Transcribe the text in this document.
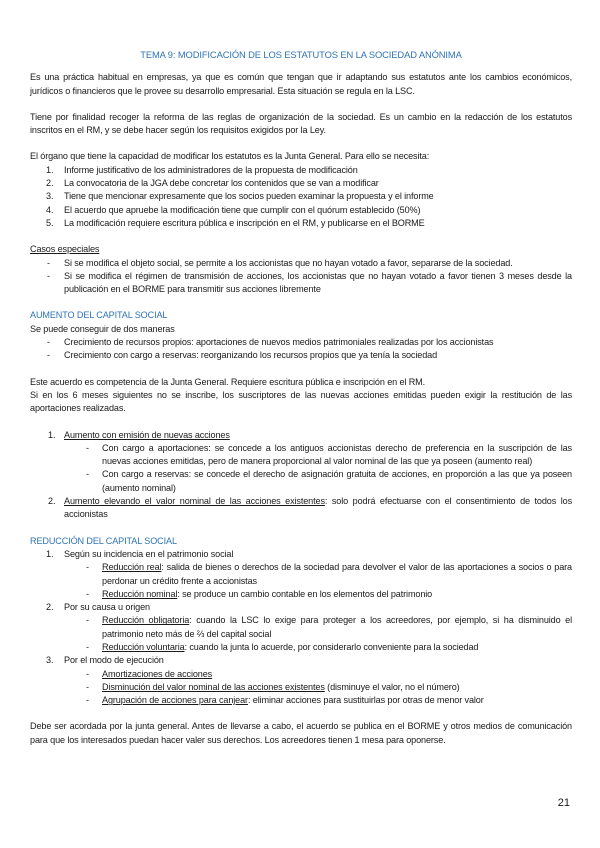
TEMA 9: MODIFICACIÓN DE LOS ESTATUTOS EN LA SOCIEDAD ANÓNIMA

Es una práctica habitual en empresas, ya que es común que tengan que ir adaptando sus estatutos ante los cambios económicos, jurídicos o financieros que le provee su desarrollo empresarial. Esta situación se regula en la LSC.

Tiene por finalidad recoger la reforma de las reglas de organización de la sociedad. Es un cambio en la redacción de los estatutos inscritos en el RM, y se debe hacer según los requisitos exigidos por la Ley.

El órgano que tiene la capacidad de modificar los estatutos es la Junta General. Para ello se necesita:

1. Informe justificativo de los administradores de la propuesta de modificación
2. La convocatoria de la JGA debe concretar los contenidos que se van a modificar
3. Tiene que mencionar expresamente que los socios pueden examinar la propuesta y el informe
4. El acuerdo que apruebe la modificación tiene que cumplir con el quórum establecido (50%)
5. La modificación requiere escritura pública e inscripción en el RM, y publicarse en el BORME

Casos especiales

- Si se modifica el objeto social, se permite a los accionistas que no hayan votado a favor, separarse de la sociedad.
- Si se modifica el régimen de transmisión de acciones, los accionistas que no hayan votado a favor tienen 3 meses desde la publicación en el BORME para transmitir sus acciones libremente
AUMENTO DEL CAPITAL SOCIAL

Se puede conseguir de dos maneras

- Crecimiento de recursos propios: aportaciones de nuevos medios patrimoniales realizadas por los accionistas
- Crecimiento con cargo a reservas: reorganizando los recursos propios que ya tenía la sociedad

Este acuerdo es competencia de la Junta General. Requiere escritura pública e inscripción en el RM.

Si en los 6 meses siguientes no se inscribe, los suscriptores de las nuevas acciones emitidas pueden exigir la restitución de las aportaciones realizadas.

1. Aumento con emisión de nuevas acciones
- Con cargo a aportaciones: se concede a los antiguos accionistas derecho de preferencia en la suscripción de las nuevas acciones emitidas, pero de manera proporcional al valor nominal de las que ya poseen (aumento real)
- Con cargo a reservas: se concede el derecho de asignación gratuita de acciones, en proporción a las que ya poseen (aumento nominal)
2. Aumento elevando el valor nominal de las acciones existentes: solo podrá efectuarse con el consentimiento de todos los accionistas
REDUCCIÓN DEL CAPITAL SOCIAL
1. Según su incidencia en el patrimonio social
- Reducción real: salida de bienes o derechos de la sociedad para devolver el valor de las aportaciones a socios o para perdonar un crédito frente a accionistas
- Reducción nominal: se produce un cambio contable en los elementos del patrimonio
2. Por su causa u origen
- Reducción obligatoria: cuando la LSC lo exige para proteger a los acreedores, por ejemplo, si ha disminuido el patrimonio neto más de ⅔ del capital social
- Reducción voluntaria: cuando la junta lo acuerde, por considerarlo conveniente para la sociedad
3. Por el modo de ejecución
- Amortizaciones de acciones
- Disminución del valor nominal de las acciones existentes (disminuye el valor, no el número)
- Agrupación de acciones para canjear: eliminar acciones para sustituirlas por otras de menor valor

Debe ser acordada por la junta general. Antes de llevarse a cabo, el acuerdo se publica en el BORME y otros medios de comunicación para que los interesados puedan hacer valer sus derechos. Los acreedores tienen 1 mesa para oponerse.

21
